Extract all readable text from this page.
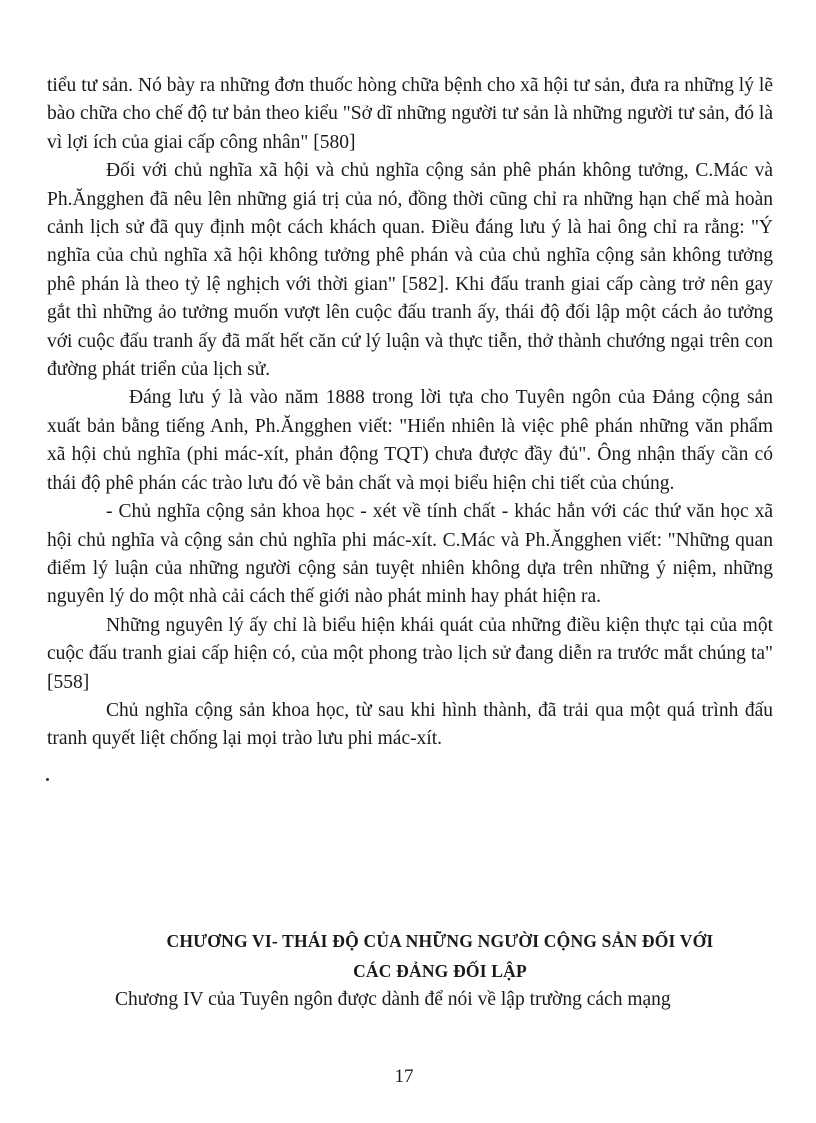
tiểu tư sản. Nó bày ra những đơn thuốc hòng chữa bệnh cho xã hội tư sản, đưa ra những lý lẽ bào chữa cho chế độ tư bản theo kiểu "Sở dĩ những người tư sản là những người tư sản, đó là vì lợi ích của giai cấp công nhân" [580]

Đối với chủ nghĩa xã hội và chủ nghĩa cộng sản phê phán không tưởng, C.Mác và Ph.Ăngghen đã nêu lên những giá trị của nó, đồng thời cũng chỉ ra những hạn chế mà hoàn cảnh lịch sử đã quy định một cách khách quan. Điều đáng lưu ý là hai ông chỉ ra rằng: "Ý nghĩa của chủ nghĩa xã hội không tưởng phê phán và của chủ nghĩa cộng sản không tưởng phê phán là theo tỷ lệ nghịch với thời gian" [582]. Khi đấu tranh giai cấp càng trở nên gay gắt thì những ảo tưởng muốn vượt lên cuộc đấu tranh ấy, thái độ đối lập một cách ảo tưởng với cuộc đấu tranh ấy đã mất hết căn cứ lý luận và thực tiễn, thở thành chướng ngại trên con đường phát triển của lịch sử.

Đáng lưu ý là vào năm 1888 trong lời tựa cho Tuyên ngôn của Đảng cộng sản xuất bản bằng tiếng Anh, Ph.Ăngghen viết: "Hiển nhiên là việc phê phán những văn phẩm xã hội chủ nghĩa (phi mác-xít, phản động TQT) chưa được đầy đủ". Ông nhận thấy cần có thái độ phê phán các trào lưu đó về bản chất và mọi biểu hiện chi tiết của chúng.

- Chủ nghĩa cộng sản khoa học - xét về tính chất - khác hẳn với các thứ văn học xã hội chủ nghĩa và cộng sản chủ nghĩa phi mác-xít. C.Mác và Ph.Ăngghen viết: "Những quan điểm lý luận của những người cộng sản tuyệt nhiên không dựa trên những ý niệm, những nguyên lý do một nhà cải cách thế giới nào phát minh hay phát hiện ra.

Những nguyên lý ấy chỉ là biểu hiện khái quát của những điều kiện thực tại của một cuộc đấu tranh giai cấp hiện có, của một phong trào lịch sử đang diễn ra trước mắt chúng ta" [558]

Chủ nghĩa cộng sản khoa học, từ sau khi hình thành, đã trải qua một quá trình đấu tranh quyết liệt chống lại mọi trào lưu phi mác-xít.

CHƯƠNG VI- THÁI ĐỘ CỦA NHỮNG NGƯỜI CỘNG SẢN ĐỐI VỚI
CÁC ĐẢNG ĐỐI LẬP

Chương IV của Tuyên ngôn được dành để nói về lập trường cách mạng

17
